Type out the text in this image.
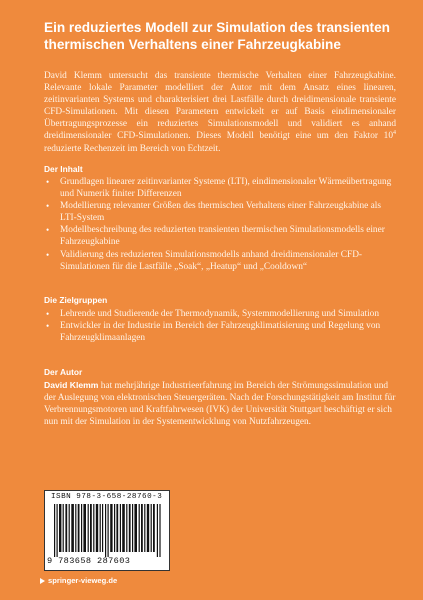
Ein reduziertes Modell zur Simulation des transienten thermischen Verhaltens einer Fahrzeugkabine
David Klemm untersucht das transiente thermische Verhalten einer Fahrzeugkabine. Relevante lokale Parameter modelliert der Autor mit dem Ansatz eines linearen, zeitinvarianten Systems und charakterisiert drei Lastfälle durch dreidimensionale transiente CFD-Simulationen. Mit diesen Parametern entwickelt er auf Basis eindimensionaler Übertragungsprozesse ein reduziertes Simulationsmodell und validiert es anhand dreidimensionaler CFD-Simulationen. Dieses Modell benötigt eine um den Faktor $10^4$ reduzierte Rechenzeit im Bereich von Echtzeit.
Der Inhalt
• Grundlagen linearer zeitinvarianter Systeme (LTI), eindimensionaler Wärmeübertragung und Numerik finiter Differenzen
• Modellierung relevanter Größen des thermischen Verhaltens einer Fahrzeugkabine als LTI-System
• Modellbeschreibung des reduzierten transienten thermischen Simulationsmodells einer Fahrzeugkabine
• Validierung des reduzierten Simulationsmodells anhand dreidimensionaler CFD-Simulationen für die Lastfälle „Soak“, „Heatup“ und „Cooldown“
Die Zielgruppen
• Lehrende und Studierende der Thermodynamik, Systemmodellierung und Simulation
• Entwickler in der Industrie im Bereich der Fahrzeugklimatisierung und Regelung von Fahrzeugklimaanlagen
Der Autor
David Klemm hat mehrjährige Industrieerfahrung im Bereich der Strömungssimulation und der Auslegung von elektronischen Steuergeräten. Nach der Forschungstätigkeit am Institut für Verbrennungsmotoren und Kraftfahrwesen (IVK) der Universität Stuttgart beschäftigt er sich nun mit der Simulation in der Systementwicklung von Nutzfahrzeugen.
ISBN 978-3-658-28760-3
9 783658 287603
springer-vieweg.de
